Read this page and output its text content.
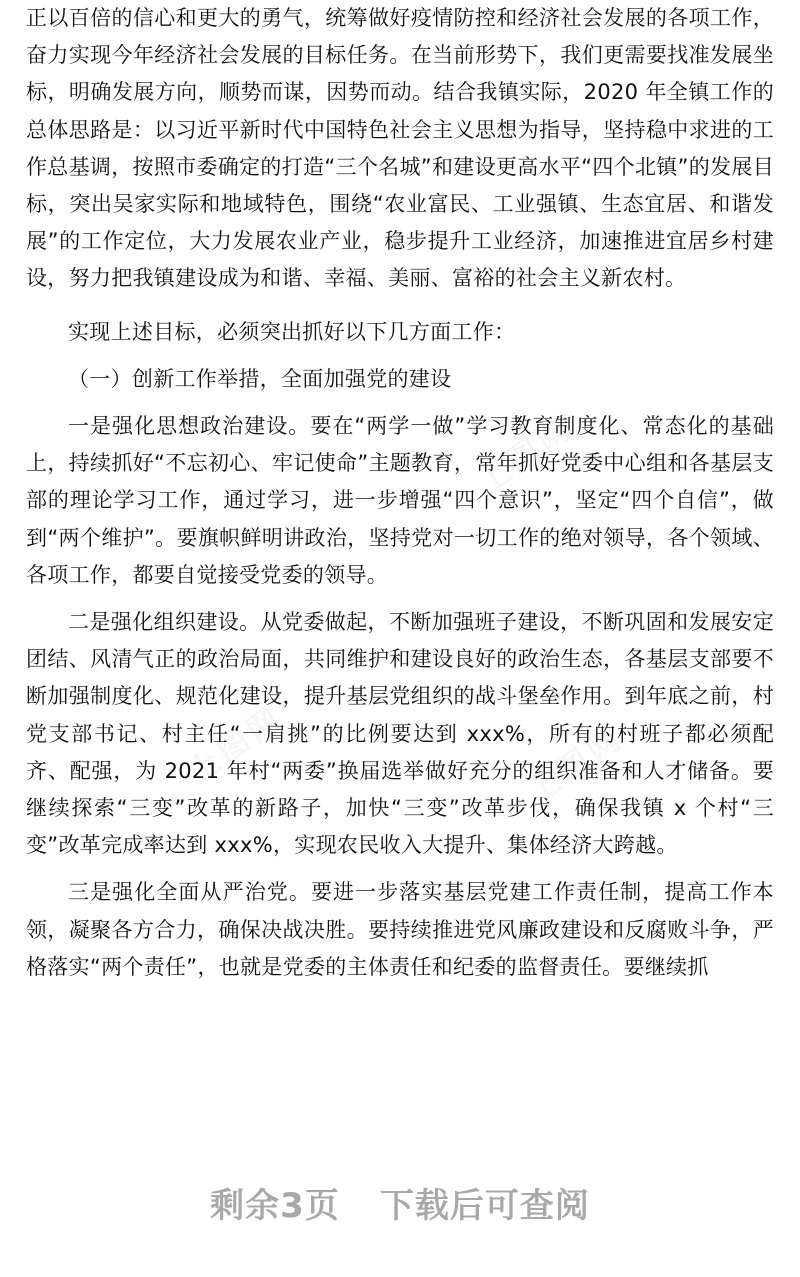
上图网
上图网	上图网

正以百倍的信心和更大的勇气，统筹做好疫情防控和经济社会发展的各项工作，奋力实现今年经济社会发展的目标任务。在当前形势下，我们更需要找准发展坐标，明确发展方向，顺势而谋，因势而动。结合我镇实际，2020 年全镇工作的总体思路是：以习近平新时代中国特色社会主义思想为指导，坚持稳中求进的工作总基调，按照市委确定的打造“三个名城”和建设更高水平“四个北镇”的发展目标，突出吴家实际和地域特色，围绕“农业富民、工业强镇、生态宜居、和谐发展”的工作定位，大力发展农业产业，稳步提升工业经济，加速推进宜居乡村建设，努力把我镇建设成为和谐、幸福、美丽、富裕的社会主义新农村。

实现上述目标，必须突出抓好以下几方面工作：

（一）创新工作举措，全面加强党的建设

一是强化思想政治建设。要在“两学一做”学习教育制度化、常态化的基础上，持续抓好“不忘初心、牢记使命”主题教育，常年抓好党委中心组和各基层支部的理论学习工作，通过学习，进一步增强“四个意识”，坚定“四个自信”，做到“两个维护”。要旗帜鲜明讲政治，坚持党对一切工作的绝对领导，各个领域、各项工作，都要自觉接受党委的领导。

二是强化组织建设。从党委做起，不断加强班子建设，不断巩固和发展安定团结、风清气正的政治局面，共同维护和建设良好的政治生态，各基层支部要不断加强制度化、规范化建设，提升基层党组织的战斗堡垒作用。到年底之前，村党支部书记、村主任“一肩挑”的比例要达到 xxx%，所有的村班子都必须配齐、配强，为 2021 年村“两委”换届选举做好充分的组织准备和人才储备。要继续探索“三变”改革的新路子，加快“三变”改革步伐，确保我镇 x 个村“三变”改革完成率达到 xxx%，实现农民收入大提升、集体经济大跨越。

三是强化全面从严治党。要进一步落实基层党建工作责任制，提高工作本领，凝聚各方合力，确保决战决胜。要持续推进党风廉政建设和反腐败斗争，严格落实“两个责任”，也就是党委的主体责任和纪委的监督责任。要继续抓

剩余3页 下载后可查阅
